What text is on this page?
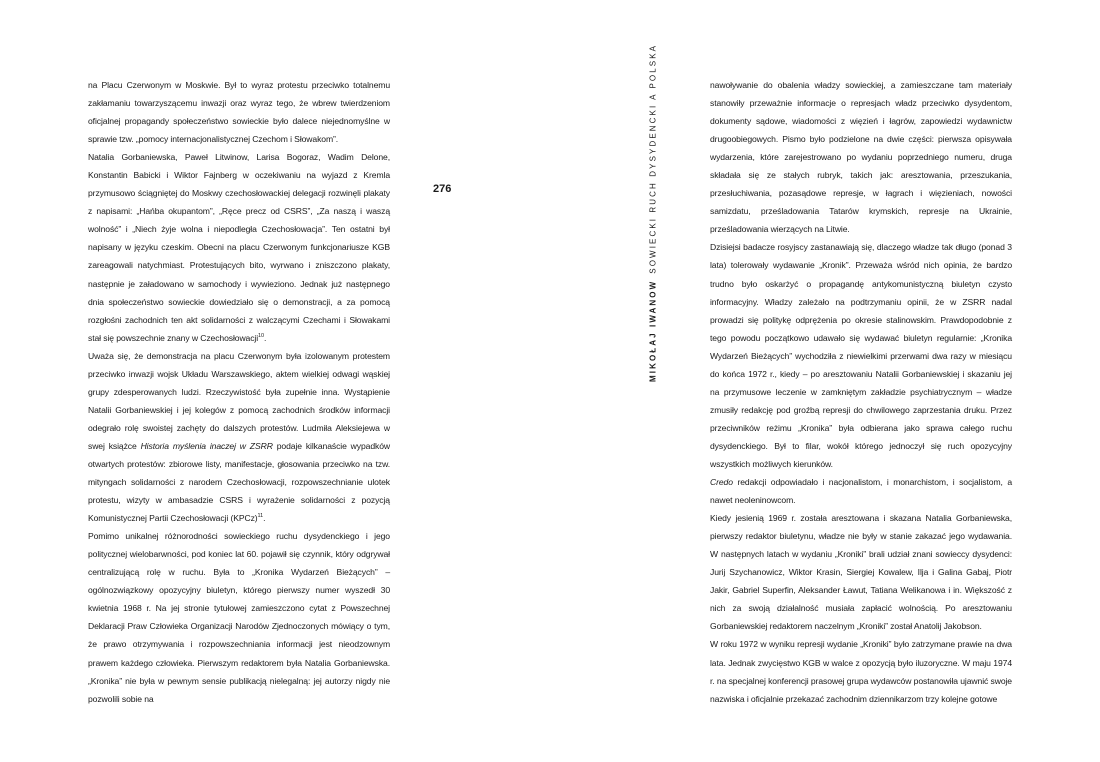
na Placu Czerwonym w Moskwie. Był to wyraz protestu przeciwko totalnemu zakłamaniu towarzyszącemu inwazji oraz wyraz tego, że wbrew twierdzeniom oficjalnej propagandy społeczeństwo sowieckie było dalece niejednomyślne w sprawie tzw. „pomocy internacjonalistycznej Czechom i Słowakom”.

Natalia Gorbaniewska, Paweł Litwinow, Larisa Bogoraz, Wadim Delone, Konstantin Babicki i Wiktor Fajnberg w oczekiwaniu na wyjazd z Kremla przymusowo ściągniętej do Moskwy czechosłowackiej delegacji rozwinęli plakaty z napisami: „Hańba okupantom”, „Ręce precz od CSRS”, „Za naszą i waszą wolność” i „Niech żyje wolna i niepodległa Czechosłowacja”. Ten ostatni był napisany w języku czeskim. Obecni na placu Czerwonym funkcjonariusze KGB zareagowali natychmiast. Protestujących bito, wyrwano i zniszczono plakaty, następnie je załadowano w samochody i wywieziono. Jednak już następnego dnia społeczeństwo sowieckie dowiedziało się o demonstracji, a za pomocą rozgłośni zachodnich ten akt solidarności z walczącymi Czechami i Słowakami stał się powszechnie znany w Czechosłowacji$^{10}$.

Uważa się, że demonstracja na placu Czerwonym była izolowanym protestem przeciwko inwazji wojsk Układu Warszawskiego, aktem wielkiej odwagi wąskiej grupy zdesperowanych ludzi. Rzeczywistość była zupełnie inna. Wystąpienie Natalii Gorbaniewskiej i jej kolegów z pomocą zachodnich środków informacji odegrało rolę swoistej zachęty do dalszych protestów. Ludmiła Aleksiejewa w swej książce Historia myślenia inaczej w ZSRR podaje kilkanaście wypadków otwartych protestów: zbiorowe listy, manifestacje, głosowania przeciwko na tzw. mityngach solidarności z narodem Czechosłowacji, rozpowszechnianie ulotek protestu, wizyty w ambasadzie CSRS i wyrażenie solidarności z pozycją Komunistycznej Partii Czechosłowacji (KPCz)$^{11}$.

Pomimo unikalnej różnorodności sowieckiego ruchu dysydenckiego i jego politycznej wielobarwności, pod koniec lat 60. pojawił się czynnik, który odgrywał centralizującą rolę w ruchu. Była to „Kronika Wydarzeń Bieżących” – ogólnozwiązkowy opozycyjny biuletyn, którego pierwszy numer wyszedł 30 kwietnia 1968 r. Na jej stronie tytułowej zamieszczono cytat z Powszechnej Deklaracji Praw Człowieka Organizacji Narodów Zjednoczonych mówiący o tym, że prawo otrzymywania i rozpowszechniania informacji jest nieodzownym prawem każdego człowieka. Pierwszym redaktorem była Natalia Gorbaniewska. „Kronika” nie była w pewnym sensie publikacją nielegalną: jej autorzy nigdy nie pozwolili sobie na

276
MIKOŁAJ IWANOWSOWIECKI RUCH DYSYDENCKI A POLSKA	nawoływanie do obalenia władzy sowieckiej, a zamieszczane tam materiały stanowiły przeważnie informacje o represjach władz przeciwko dysydentom, dokumenty sądowe, wiadomości z więzień i łagrów, zapowiedzi wydawnictw drugoobiegowych. Pismo było podzielone na dwie części: pierwsza opisywała wydarzenia, które zarejestrowano po wydaniu poprzedniego numeru, druga składała się ze stałych rubryk, takich jak: aresztowania, przeszukania, przesłuchiwania, pozasądowe represje, w łagrach i więzieniach, nowości samizdatu, prześladowania Tatarów krymskich, represje na Ukrainie, prześladowania wierzących na Litwie.

Dzisiejsi badacze rosyjscy zastanawiają się, dlaczego władze tak długo (ponad 3 lata) tolerowały wydawanie „Kronik”. Przeważa wśród nich opinia, że bardzo trudno było oskarżyć o propagandę antykomunistyczną biuletyn czysto informacyjny. Władzy zależało na podtrzymaniu opinii, że w ZSRR nadal prowadzi się politykę odprężenia po okresie stalinowskim. Prawdopodobnie z tego powodu początkowo udawało się wydawać biuletyn regularnie: „Kronika Wydarzeń Bieżących” wychodziła z niewielkimi przerwami dwa razy w miesiącu do końca 1972 r., kiedy – po aresztowaniu Natalii Gorbaniewskiej i skazaniu jej na przymusowe leczenie w zamkniętym zakładzie psychiatrycznym – władze zmusiły redakcję pod groźbą represji do chwilowego zaprzestania druku. Przez przeciwników reżimu „Kronika” była odbierana jako sprawa całego ruchu dysydenckiego. Był to filar, wokół którego jednoczył się ruch opozycyjny wszystkich możliwych kierunków.

Credo redakcji odpowiadało i nacjonalistom, i monarchistom, i socjalistom, a nawet neoleninowcom.

Kiedy jesienią 1969 r. została aresztowana i skazana Natalia Gorbaniewska, pierwszy redaktor biuletynu, władze nie były w stanie zakazać jego wydawania. W następnych latach w wydaniu „Kroniki” brali udział znani sowieccy dysydenci: Jurij Szychanowicz, Wiktor Krasin, Siergiej Kowalew, Ilja i Galina Gabaj, Piotr Jakir, Gabriel Superfin, Aleksander Ławut, Tatiana Welikanowa i in. Większość z nich za swoją działalność musiała zapłacić wolnością. Po aresztowaniu Gorbaniewskiej redaktorem naczelnym „Kroniki” został Anatolij Jakobson.

W roku 1972 w wyniku represji wydanie „Kroniki” było zatrzymane prawie na dwa lata. Jednak zwycięstwo KGB w walce z opozycją było iluzoryczne. W maju 1974 r. na specjalnej konferencji prasowej grupa wydawców postanowiła ujawnić swoje nazwiska i oficjalnie przekazać zachodnim dziennikarzom trzy kolejne gotowe
